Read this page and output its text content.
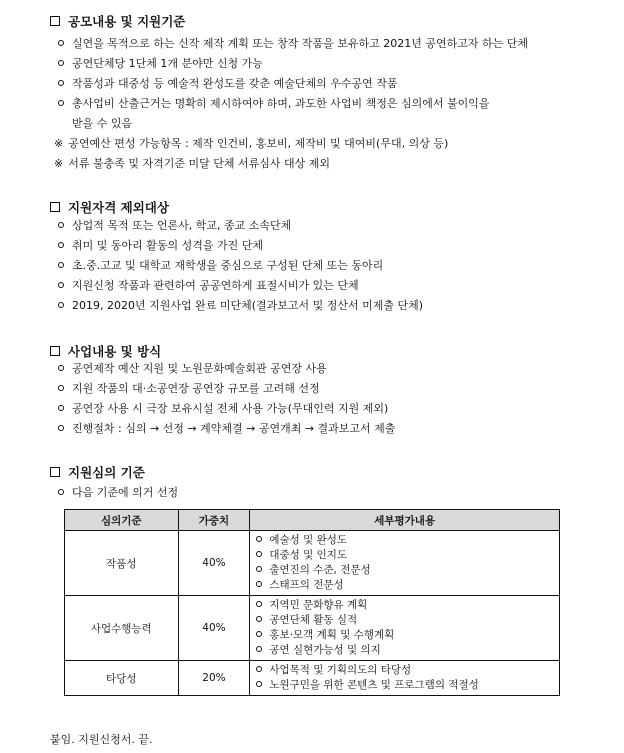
공모내용 및 지원기준
실연을 목적으로 하는 신작 제작 계획 또는 창작 작품을 보유하고 2021년 공연하고자 하는 단체
공연단체당 1단체 1개 분야만 신청 가능
작품성과 대중성 등 예술적 완성도를 갖춘 예술단체의 우수공연 작품
총사업비 산출근거는 명확히 제시하여야 하며, 과도한 사업비 책정은 심의에서 불이익을
받을 수 있음
※ 공연예산 편성 가능항목 : 제작 인건비, 홍보비, 제작비 및 대여비(무대, 의상 등)
※ 서류 불충족 및 자격기준 미달 단체 서류심사 대상 제외
지원자격 제외대상
상업적 목적 또는 언론사, 학교, 종교 소속단체
취미 및 동아리 활동의 성격을 가진 단체
초.중.고교 및 대학교 재학생을 중심으로 구성된 단체 또는 동아리
지원신청 작품과 관련하여 공공연하게 표절시비가 있는 단체
2019, 2020년 지원사업 완료 미단체(결과보고서 및 정산서 미제출 단체)
사업내용 및 방식
공연제작 예산 지원 및 노원문화예술회관 공연장 사용
지원 작품의 대·소공연장 공연장 규모를 고려해 선정
공연장 사용 시 극장 보유시설 전체 사용 가능(무대인력 지원 제외)
진행절차 : 심의 → 선정 → 계약체결 → 공연개최 → 결과보고서 제출
지원심의 기준
다음 기준에 의거 선정
심의기준	가중치	세부평가내용
작품성	40%	예술성 및 완성도
대중성 및 인지도
출연진의 수준, 전문성
스태프의 전문성

사업수행능력	40%	지역민 문화향유 계획
공연단체 활동 실적
홍보·모객 계획 및 수행계획
공연 실현가능성 및 의지

타당성	20%	사업목적 및 기획의도의 타당성
노원구민을 위한 콘텐츠 및 프로그램의 적절성
붙임. 지원신청서. 끝.
